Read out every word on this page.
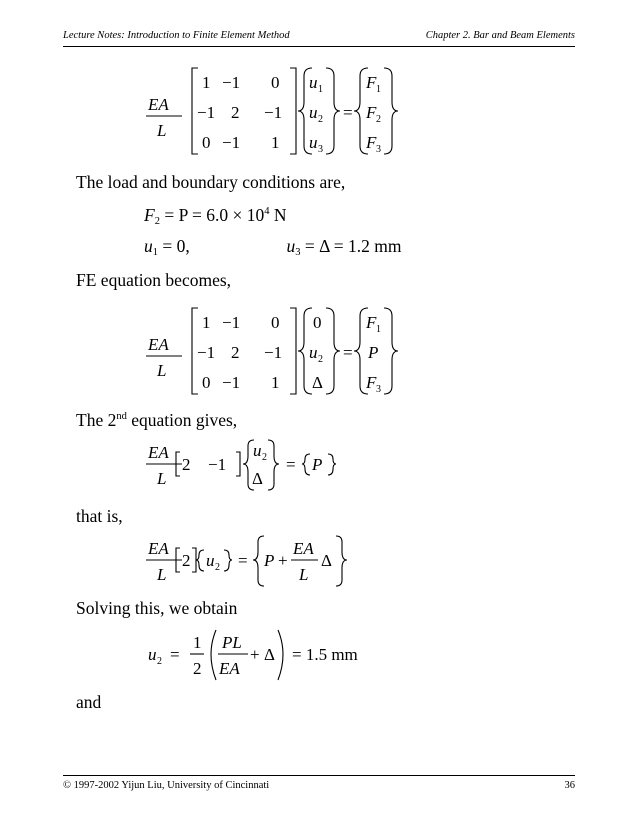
Lecture Notes: Introduction to Finite Element Method	Chapter 2. Bar and Beam Elements
EA
L
1 −1 0
−1 2 −1
0 −1 1
u 1
u 2
u 3
=
F 1
F 2
F 3
The load and boundary conditions are,
$F_2 = P = 6.0 \times 10^4$ N
$u_1 = 0$,	$u_3 = \Delta = 1.2$ mm
FE equation becomes,
EA
L
1 −1 0
−1 2 −1
0 −1 1
0
u 2
Δ
=
F 1
P
F 3
The 2nd equation gives,
EA
L
2 −1
u 2
Δ
= P
that is,
EA
L
2 u 2 = P +
EA
L
Δ
Solving this, we obtain
u 2 =
1
2
PL
EA
+ Δ = 1.5 mm
and
© 1997-2002 Yijun Liu, University of Cincinnati	36
